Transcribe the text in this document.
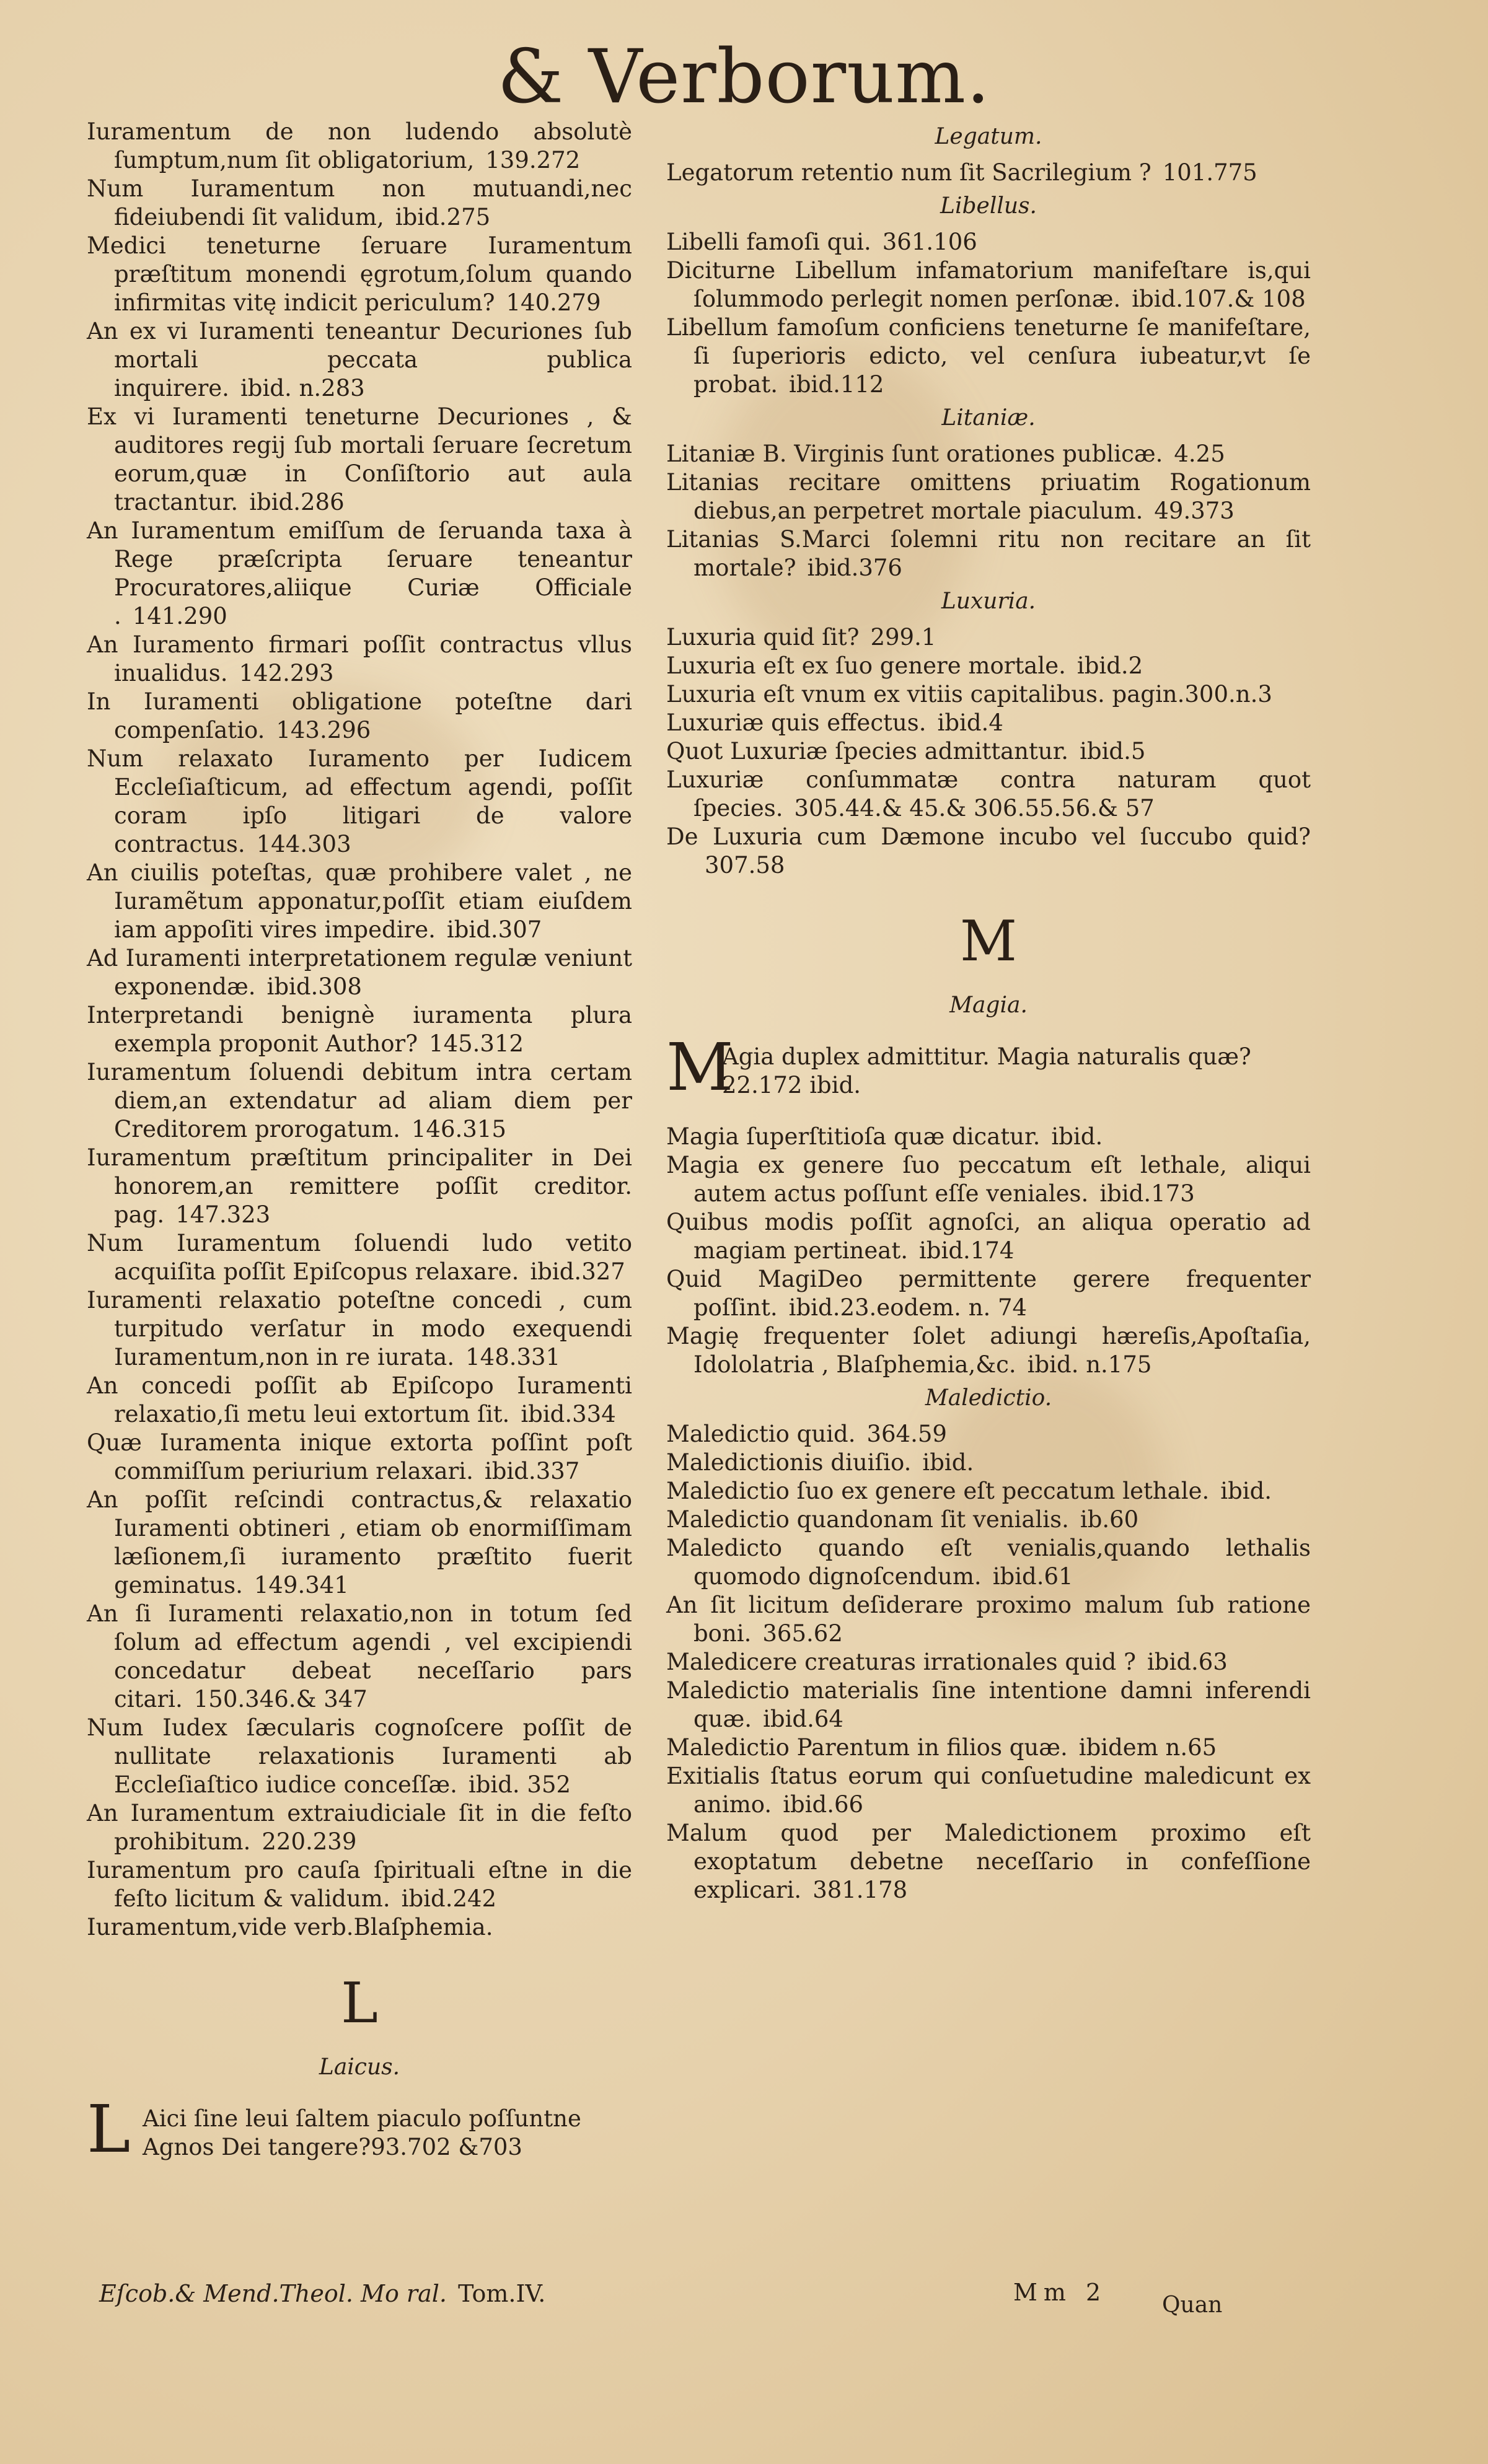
& Verborum.

Iuramentum de non ludendo absolutè ſumptum,num ſit obligatorium, 139.272

Num Iuramentum non mutuandi,nec fideiubendi ſit validum, ibid.275

Medici teneturne ſeruare Iuramentum præſtitum monendi ęgrotum,ſolum quando infirmitas vitę indicit periculum? 140.279

An ex vi Iuramenti teneantur Decuriones ſub mortali peccata publica inquirere. ibid. n.283

Ex vi Iuramenti teneturne Decuriones , & auditores regij ſub mortali ſeruare ſecretum eorum,quæ in Conſiſtorio aut aula tractantur. ibid.286

An Iuramentum emiſſum de ſeruanda taxa à Rege præſcripta ſeruare teneantur Procuratores,aliique Curiæ Officiale . 141.290

An Iuramento firmari poſſit contractus vllus inualidus. 142.293

In Iuramenti obligatione poteſtne dari compenſatio. 143.296

Num relaxato Iuramento per Iudicem Eccleſiaſticum, ad effectum agendi, poſſit coram ipſo litigari de valore contractus. 144.303

An ciuilis poteſtas, quæ prohibere valet , ne Iuramẽtum apponatur,poſſit etiam eiuſdem iam appoſiti vires impedire. ibid.307

Ad Iuramenti interpretationem regulæ veniunt exponendæ. ibid.308

Interpretandi benignè iuramenta plura exempla proponit Author? 145.312

Iuramentum ſoluendi debitum intra certam diem,an extendatur ad aliam diem per Creditorem prorogatum. 146.315

Iuramentum præſtitum principaliter in Dei honorem,an remittere poſſit creditor. pag. 147.323

Num Iuramentum ſoluendi ludo vetito acquiſita poſſit Epiſcopus relaxare. ibid.327

Iuramenti relaxatio poteſtne concedi , cum turpitudo verſatur in modo exequendi Iuramentum,non in re iurata. 148.331

An concedi poſſit ab Epiſcopo Iuramenti relaxatio,ſi metu leui extortum ſit. ibid.334

Quæ Iuramenta inique extorta poſſint poſt commiſſum periurium relaxari. ibid.337

An poſſit reſcindi contractus,& relaxatio Iuramenti obtineri , etiam ob enormiſſimam læſionem,ſi iuramento præſtito fuerit geminatus. 149.341

An ſi Iuramenti relaxatio,non in totum ſed ſolum ad effectum agendi , vel excipiendi concedatur debeat neceſſario pars citari. 150.346.& 347

Num Iudex ſæcularis cognoſcere poſſit de nullitate relaxationis Iuramenti ab Eccleſiaſtico iudice conceſſæ. ibid. 352

An Iuramentum extraiudiciale ſit in die feſto prohibitum. 220.239

Iuramentum pro cauſa ſpirituali eſtne in die feſto licitum & validum. ibid.242

Iuramentum,vide verb.Blaſphemia.

L
Laicus.

L Aici ſine leui ſaltem piaculo poſſuntne Agnos Dei tangere?93.702 &703

Legatum.

Legatorum retentio num ſit Sacrilegium ? 101.775

Libellus.

Libelli famoſi qui. 361.106

Diciturne Libellum infamatorium manifeſtare is,qui ſolummodo perlegit nomen perſonæ. ibid.107.& 108

Libellum famoſum conficiens teneturne ſe manifeſtare, ſi ſuperioris edicto, vel cenſura iubeatur,vt ſe probat. ibid.112

Litaniæ.

Litaniæ B. Virginis ſunt orationes publicæ. 4.25

Litanias recitare omittens priuatim Rogationum diebus,an perpetret mortale piaculum. 49.373

Litanias S.Marci ſolemni ritu non recitare an ſit mortale? ibid.376

Luxuria.

Luxuria quid ſit? 299.1

Luxuria eſt ex ſuo genere mortale. ibid.2

Luxuria eſt vnum ex vitiis capitalibus. pagin.300.n.3

Luxuriæ quis effectus. ibid.4

Quot Luxuriæ ſpecies admittantur. ibid.5

Luxuriæ conſummatæ contra naturam quot ſpecies. 305.44.& 45.& 306.55.56.& 57

De Luxuria cum Dæmone incubo vel ſuccubo quid?307.58

M
Magia.

M
Agia duplex admittitur. Magia naturalis quæ?22.172 ibid.

Magia ſuperſtitioſa quæ dicatur. ibid.

Magia ex genere ſuo peccatum eſt lethale, aliqui autem actus poſſunt eſſe veniales. ibid.173

Quibus modis poſſit agnoſci, an aliqua operatio ad magiam pertineat. ibid.174

Quid MagiDeo permittente gerere frequenter poſſint. ibid.23.eodem. n. 74

Magię frequenter ſolet adiungi hæreſis,Apoſtaſia, Idololatria , Blaſphemia,&c. ibid. n.175

Maledictio.

Maledictio quid. 364.59

Maledictionis diuiſio. ibid.

Maledictio ſuo ex genere eſt peccatum lethale. ibid.

Maledictio quandonam ſit venialis. ib.60

Maledicto quando eſt venialis,quando lethalis quomodo dignoſcendum. ibid.61

An ſit licitum deſiderare proximo malum ſub ratione boni. 365.62

Maledicere creaturas irrationales quid ? ibid.63

Maledictio materialis ſine intentione damni inferendi quæ. ibid.64

Maledictio Parentum in filios quæ. ibidem n.65

Exitialis ſtatus eorum qui conſuetudine maledicunt ex animo. ibid.66

Malum quod per Maledictionem proximo eſt exoptatum debetne neceſſario in confeſſione explicari. 381.178

Eſcob.& Mend.Theol. Mo ral. Tom.IV.	Mm 2 Quan
